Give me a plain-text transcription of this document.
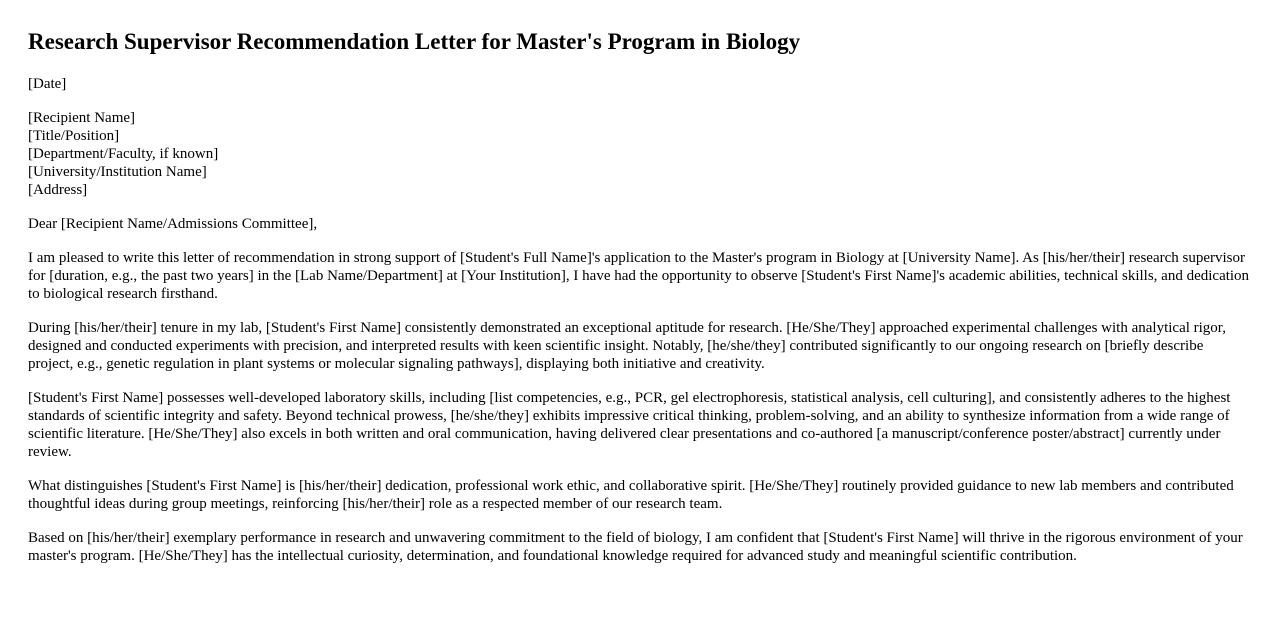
Research Supervisor Recommendation Letter for Master's Program in Biology

[Date]

[Recipient Name]
[Title/Position]
[Department/Faculty, if known]
[University/Institution Name]
[Address]

Dear [Recipient Name/Admissions Committee],

I am pleased to write this letter of recommendation in strong support of [Student's Full Name]'s application to the Master's program in Biology at [University Name]. As [his/her/their] research supervisor for [duration, e.g., the past two years] in the [Lab Name/Department] at [Your Institution], I have had the opportunity to observe [Student's First Name]'s academic abilities, technical skills, and dedication to biological research firsthand.

During [his/her/their] tenure in my lab, [Student's First Name] consistently demonstrated an exceptional aptitude for research. [He/She/They] approached experimental challenges with analytical rigor, designed and conducted experiments with precision, and interpreted results with keen scientific insight. Notably, [he/she/they] contributed significantly to our ongoing research on [briefly describe project, e.g., genetic regulation in plant systems or molecular signaling pathways], displaying both initiative and creativity.

[Student's First Name] possesses well-developed laboratory skills, including [list competencies, e.g., PCR, gel electrophoresis, statistical analysis, cell culturing], and consistently adheres to the highest standards of scientific integrity and safety. Beyond technical prowess, [he/she/they] exhibits impressive critical thinking, problem-solving, and an ability to synthesize information from a wide range of scientific literature. [He/She/They] also excels in both written and oral communication, having delivered clear presentations and co-authored [a manuscript/conference poster/abstract] currently under review.

What distinguishes [Student's First Name] is [his/her/their] dedication, professional work ethic, and collaborative spirit. [He/She/They] routinely provided guidance to new lab members and contributed thoughtful ideas during group meetings, reinforcing [his/her/their] role as a respected member of our research team.

Based on [his/her/their] exemplary performance in research and unwavering commitment to the field of biology, I am confident that [Student's First Name] will thrive in the rigorous environment of your master's program. [He/She/They] has the intellectual curiosity, determination, and foundational knowledge required for advanced study and meaningful scientific contribution.
